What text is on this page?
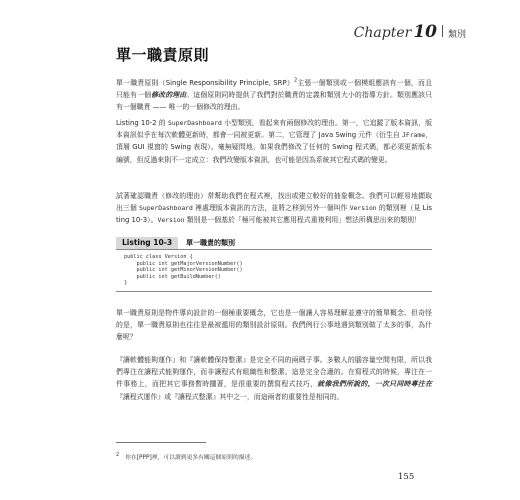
Chapter 10 類別
單一職責原則

單一職責原則（Single Responsibility Principle, SRP）$^2$主張一個類別或一個模組應該有一個，而且只能有一個修改的理由。這個原則同時提供了我們對於職責的定義和類別大小的指導方針。類別應該只有一個職責 —— 唯一的一個修改的理由。

Listing 10-2 的 SuperDashboard 小型類別，看起來有兩個修改的理由。第一，它追蹤了版本資訊，版本資訊似乎在每次軟體更新時，都會一同被更新。第二，它管理了 Java Swing 元件（衍生自 JFrame，頂層 GUI 視窗的 Swing 表現）。毫無疑問地，如果我們修改了任何的 Swing 程式碼，都必須更新版本編號，但反過來則不一定成立：我們改變版本資訊，也可能是因為系統其它程式碼的變更。

試著確認職責（修改的理由）常幫助我們在程式裡，找出或建立較好的抽象概念。我們可以輕易地擷取出三個 SuperDashboard 裡處理版本資訊的方法，並將之移到另外一個叫作 Version 的類別裡（見 Listing 10-3）。Version 類別是一個基於「極可能被其它應用程式重複利用」想法所構思出來的類別！

Listing 10-3	單一職責的類別
public class Version {
public int getMajorVersionNumber()
public int getMinorVersionNumber()
public int getBuildNumber()
}

單一職責原則是物件導向設計的一個極重要概念，它也是一個讓人容易理解並遵守的簡單概念。但奇怪的是，單一職責原則也往往是最被濫用的類別設計原則。我們例行公事地遇到類別做了太多的事，為什麼呢？

『讓軟體能夠運作』和『讓軟體保持整潔』是完全不同的兩碼子事。多數人的腦容量空間有限，所以我們專注在讓程式能夠運作，而非讓程式有組織性和整潔。這是完全合適的。在寫程式的時候，專注在一件事務上，而把其它事務暫時擱著，是很重要的撰寫程式技巧，就像我們所說的，一次只同時專注在『讓程式運作』或『讓程式整潔』其中之一，而這兩者的重要性是相同的。

2 你在[PPP]裡，可以讀到更多有關這個原則的描述。
155
